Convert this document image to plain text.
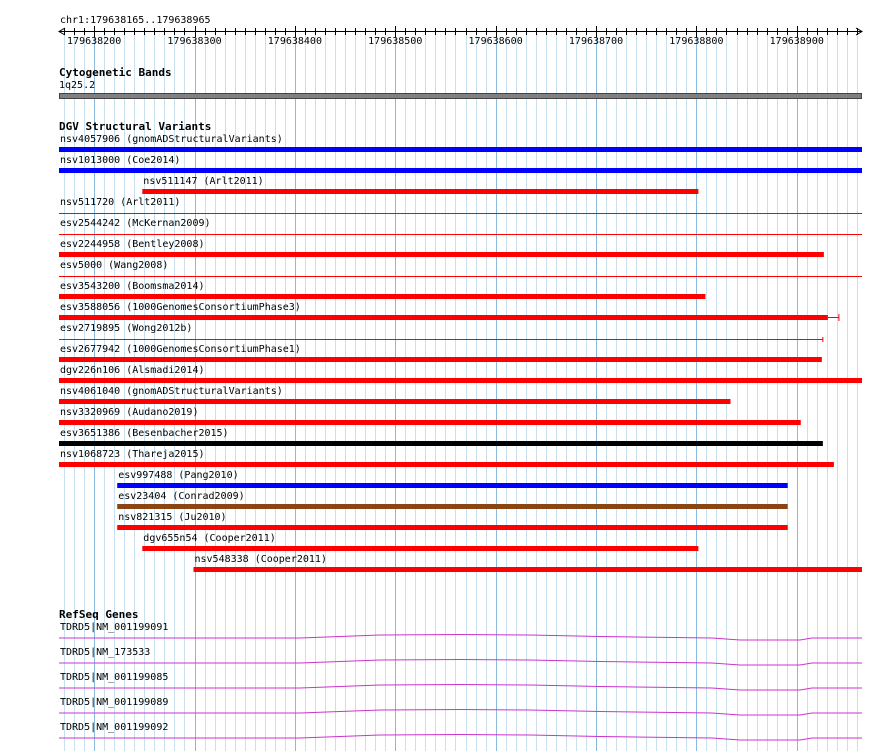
chr1:179638165..179638965
179638200	179638300	179638400	179638500	179638600	179638700	179638800	179638900
Cytogenetic Bands
1q25.2
DGV Structural Variants
nsv4057906 (gnomADStructuralVariants)
nsv1013000 (Coe2014)
nsv511147 (Arlt2011)
nsv511720 (Arlt2011)
esv2544242 (McKernan2009)
esv2244958 (Bentley2008)
esv5000 (Wang2008)
esv3543200 (Boomsma2014)
esv3588056 (1000GenomesConsortiumPhase3)
esv2719895 (Wong2012b)
esv2677942 (1000GenomesConsortiumPhase1)
dgv226n106 (Alsmadi2014)
nsv4061040 (gnomADStructuralVariants)
nsv3320969 (Audano2019)
esv3651386 (Besenbacher2015)
nsv1068723 (Thareja2015)
esv997488 (Pang2010)
esv23404 (Conrad2009)
nsv821315 (Ju2010)
dgv655n54 (Cooper2011)
nsv548338 (Cooper2011)
RefSeq Genes
TDRD5|NM_001199091
TDRD5|NM_173533
TDRD5|NM_001199085
TDRD5|NM_001199089
TDRD5|NM_001199092
